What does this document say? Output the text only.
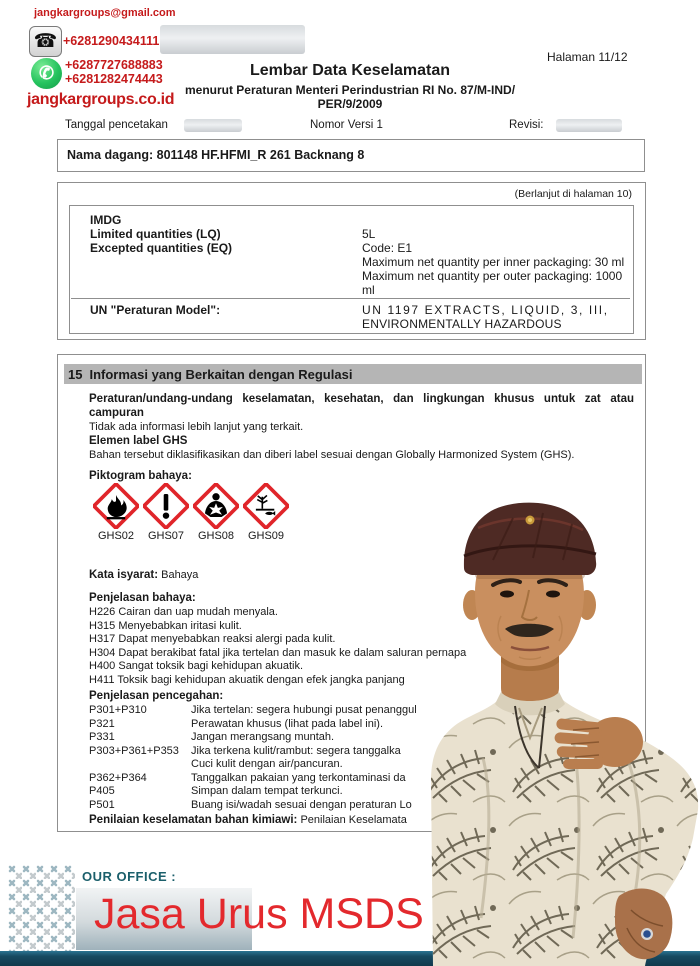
jangkargroups@gmail.com
☎ +6281290434111
✆ +6287727688883
+6281282474443
jangkargroups.co.id
Halaman 11/12
Lembar Data Keselamatan
menurut Peraturan Menteri Perindustrian RI No. 87/M-IND/
PER/9/2009
Tanggal pencetakan	Nomor Versi 1	Revisi:
Nama dagang: 801148 HF.HFMI_R 261 Backnang 8
(Berlanjut di halaman 10)
IMDG
Limited quantities (LQ)	5L
Excepted quantities (EQ)	Code: E1
Maximum net quantity per inner packaging: 30 ml
Maximum net quantity per outer packaging: 1000
ml
UN "Peraturan Model":	UN 1197 EXTRACTS, LIQUID, 3, III,
ENVIRONMENTALLY HAZARDOUS
15 Informasi yang Berkaitan dengan Regulasi
Peraturan/undang-undang keselamatan, kesehatan, dan lingkungan khusus untuk zat atau campuran
Tidak ada informasi lebih lanjut yang terkait.
Elemen label GHS
Bahan tersebut diklasifikasikan dan diberi label sesuai dengan Globally Harmonized System (GHS).
Piktogram bahaya:
GHS02 GHS07 GHS08 GHS09
Kata isyarat: Bahaya
Penjelasan bahaya:
H226 Cairan dan uap mudah menyala.
H315 Menyebabkan iritasi kulit.
H317 Dapat menyebabkan reaksi alergi pada kulit.
H304 Dapat berakibat fatal jika tertelan dan masuk ke dalam saluran pernapa
H400 Sangat toksik bagi kehidupan akuatik.
H411 Toksik bagi kehidupan akuatik dengan efek jangka panjang
Penjelasan pencegahan:
P301+P310	Jika tertelan: segera hubungi pusat penanggul
P321	Perawatan khusus (lihat pada label ini).
P331	Jangan merangsang muntah.
P303+P361+P353	Jika terkena kulit/rambut: segera tanggalka
Cuci kulit dengan air/pancuran.
P362+P364	Tanggalkan pakaian yang terkontaminasi da
P405	Simpan dalam tempat terkunci.
P501	Buang isi/wadah sesuai dengan peraturan Lo
Penilaian keselamatan bahan kimiawi: Penilaian Keselamata
OUR OFFICE :
Jasa Urus MSDS
